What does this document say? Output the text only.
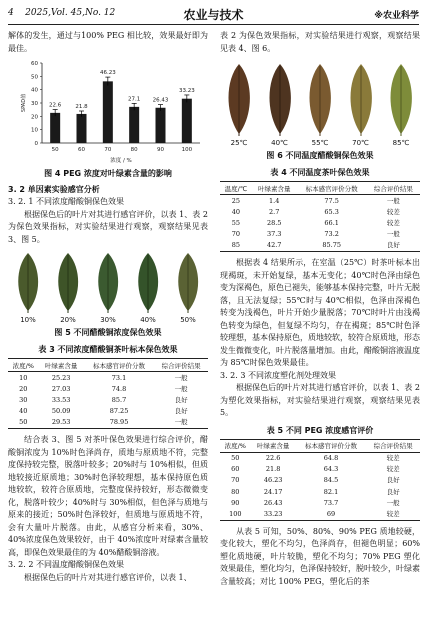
4    2025,Vol. 45,No. 12	农业与技术	※农业科学

解体的发生，通过与100% PEG 相比较，效果最好即为最佳。

0
10
20
30
40
50
60
SPAD值	22.6
50
21.8
60
46.23
70
27.1
80
26.43
90
33.23
100
浓度 / %
图 4 PEG 浓度对叶绿素含量的影响
3. 2 单因素实验感官分析
3. 2. 1 不同浓度醋酸铜保色效果

根据保色后的叶片对其进行感官评价，以表 1、表 2 为保色效果指标，对实验结果进行观察，观察结果见表 3、图 5。

10%	20%	30%	40%	50%
图 5 不同醋酸铜浓度保色效果
表 3 不同浓度醋酸铜茶叶标本保色效果
浓度/%	叶绿素含量	标本感官评价分数	综合评价结果
10	25.23	73.1	一般
20	27.03	74.8	一般
30	33.53	85.7	良好
40	50.09	87.25	良好
50	29.53	78.95	一般

结合表 3、图 5 对茶叶保色效果进行综合评价，醋酸铜浓度为 10%时色泽尚存，质地与原质地不符，完整度保持较完整，脱落叶较多；20%时与 10%相似，但质地较接近原质地；30%时色泽较理想，基本保持原色质地较软，较符合原质地，完整度保持较好，形态微微变化，脱落叶较少；40%时与 30%相似，但色泽与质地与原来的接近；50%时色泽较好，但质地与原质地不符，会有大量叶片脱落。由此，从感官分析来看，30%、40%浓度保色效果较好，由于 40%浓度叶对绿素含量较高，即保色效果最佳的为 40%醋酸铜溶液。

3. 2. 2 不同温度醋酸铜保色效果

根据保色后的叶片对其进行感官评价，以表 1、

表 2 为保色效果指标，对实验结果进行观察，观察结果见表 4、图 6。

25℃	40℃	55℃	70℃	85℃
图 6 不同温度醋酸铜保色效果
表 4 不同温度茶叶保色效果
温度/℃	叶绿素含量	标本感官评价分数	综合评价结果
25	1.4	77.5	一般
40	2.7	65.3	较差
55	28.5	66.1	较差
70	37.3	73.2	一般
85	42.7	85.75	良好

根据表 4 结果所示，在室温（25℃）时茶叶标本出现褐斑，未开始复绿，基本无变化；40℃时色泽由绿色变为深褐色，原色已褪失，能够基本保持完整，叶片无脱落，且无法复绿；55℃时与 40℃相似，色泽由深褐色转变为浅褐色，叶片开始少量脱落；70℃时叶片由浅褐色转变为绿色，但复绿不均匀，存在褐斑；85℃时色泽较理想，基本保持原色，质地较软，较符合原质地，形态发生微微变化，叶片脱落量增加。由此，醋酸铜溶液温度为 85℃时保色效果最佳。

3. 2. 3 不同浓度塑化剂处理效果

根据保色后的叶片对其进行感官评价，以表 1、表 2 为塑化效果指标，对实验结果进行观察，观察结果见表 5。

表 5 不同 PEG 浓度感官评价
浓度/%	叶绿素含量	标本感官评价分数	综合评价结果
50	22.6	64.8	较差
60	21.8	64.3	较差
70	46.23	84.5	良好
80	24.17	82.1	良好
90	26.43	73.7	一般
100	33.23	69	较差

从表 5 可知，50%、80%、90% PEG 质地较硬，变化较大，塑化不均匀，色泽尚存，但褪色明显；60%塑化质地硬，叶片较脆，塑化不均匀；70% PEG 塑化效果最佳，塑化均匀，色泽保持较好，脱叶较少，叶绿素含量较高；对比 100% PEG，塑化后的茶
